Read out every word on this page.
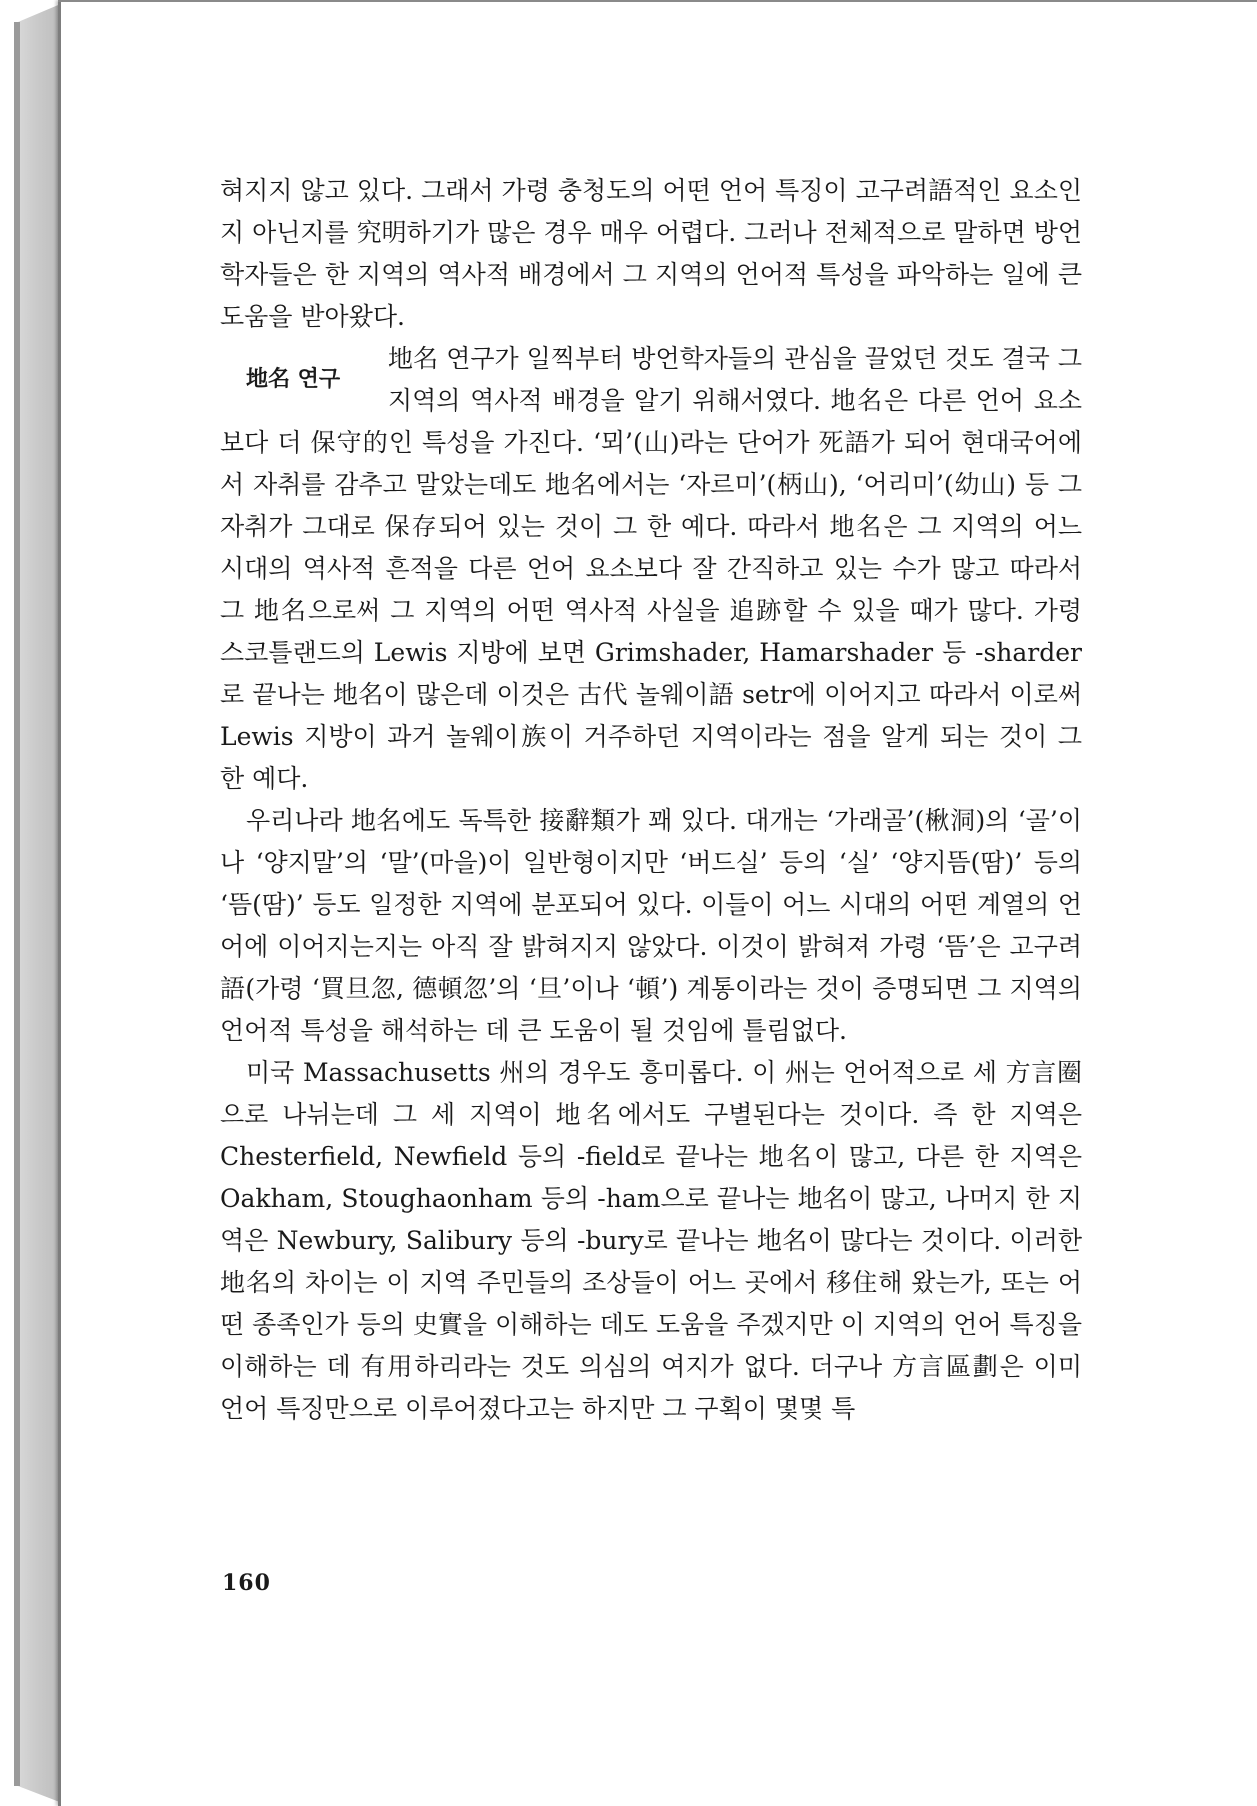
혀지지 않고 있다. 그래서 가령 충청도의 어떤 언어 특징이 고구려語적인 요소인지 아닌지를 究明하기가 많은 경우 매우 어렵다. 그러나 전체적으로 말하면 방언학자들은 한 지역의 역사적 배경에서 그 지역의 언어적 특성을 파악하는 일에 큰 도움을 받아왔다.

地名 연구

地名 연구가 일찍부터 방언학자들의 관심을 끌었던 것도 결국 그 지역의 역사적 배경을 알기 위해서였다. 地名은 다른 언어 요소보다 더 保守的인 특성을 가진다. ‘뫼’(山)라는 단어가 死語가 되어 현대국어에서 자취를 감추고 말았는데도 地名에서는 ‘자르미’(柄山), ‘어리미’(幼山) 등 그 자취가 그대로 保存되어 있는 것이 그 한 예다. 따라서 地名은 그 지역의 어느 시대의 역사적 흔적을 다른 언어 요소보다 잘 간직하고 있는 수가 많고 따라서 그 地名으로써 그 지역의 어떤 역사적 사실을 追跡할 수 있을 때가 많다. 가령 스코틀랜드의 Lewis 지방에 보면 Grimshader, Hamarshader 등 -sharder로 끝나는 地名이 많은데 이것은 古代 놀웨이語 setr에 이어지고 따라서 이로써 Lewis 지방이 과거 놀웨이族이 거주하던 지역이라는 점을 알게 되는 것이 그 한 예다.

우리나라 地名에도 독특한 接辭類가 꽤 있다. 대개는 ‘가래골’(楸洞)의 ‘골’이나 ‘양지말’의 ‘말’(마을)이 일반형이지만 ‘버드실’ 등의 ‘실’ ‘양지뜸(땀)’ 등의 ‘뜸(땀)’ 등도 일정한 지역에 분포되어 있다. 이들이 어느 시대의 어떤 계열의 언어에 이어지는지는 아직 잘 밝혀지지 않았다. 이것이 밝혀져 가령 ‘뜸’은 고구려語(가령 ‘買旦忽, 德頓忽’의 ‘旦’이나 ‘頓’) 계통이라는 것이 증명되면 그 지역의 언어적 특성을 해석하는 데 큰 도움이 될 것임에 틀림없다.

미국 Massachusetts 州의 경우도 흥미롭다. 이 州는 언어적으로 세 方言圈으로 나뉘는데 그 세 지역이 地名에서도 구별된다는 것이다. 즉 한 지역은 Chesterfield, Newfield 등의 -field로 끝나는 地名이 많고, 다른 한 지역은 Oakham, Stoughaonham 등의 -ham으로 끝나는 地名이 많고, 나머지 한 지역은 Newbury, Salibury 등의 -bury로 끝나는 地名이 많다는 것이다. 이러한 地名의 차이는 이 지역 주민들의 조상들이 어느 곳에서 移住해 왔는가, 또는 어떤 종족인가 등의 史實을 이해하는 데도 도움을 주겠지만 이 지역의 언어 특징을 이해하는 데 有用하리라는 것도 의심의 여지가 없다. 더구나 方言區劃은 이미 언어 특징만으로 이루어졌다고는 하지만 그 구획이 몇몇 특

160
